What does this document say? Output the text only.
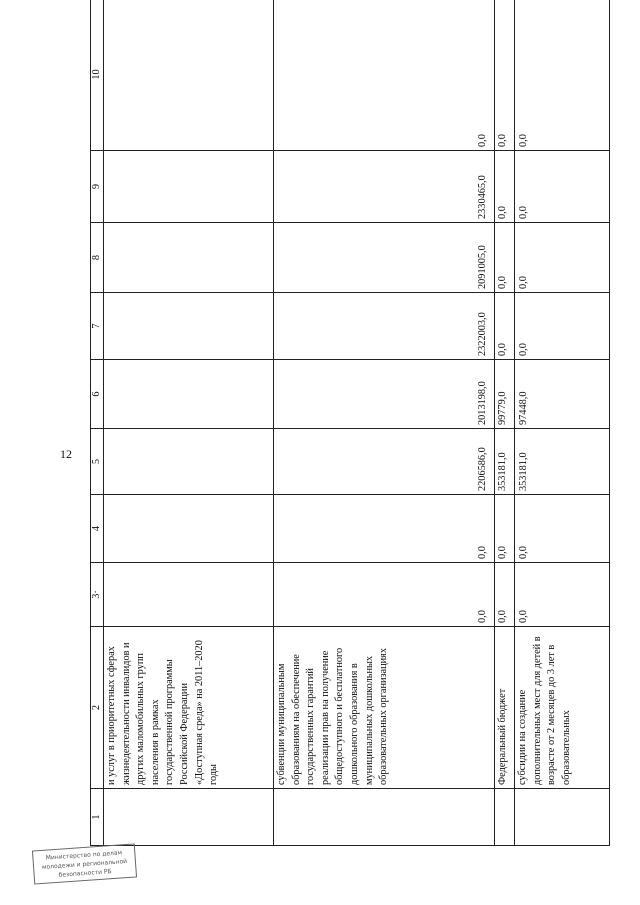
12
1	2	3·	4	5	6	7	8	9	10
	и услуг в приоритетных сферах жизнедеятельности инвалидов и других маломобильных групп населения в рамках государственной программы Российской Федерации «Доступная среда» на 2011–2020 годы								
	субвенции муниципальным образованиям на обеспечение государственных гарантий реализации прав на получение общедоступного и бесплатного дошкольного образования в муниципальных дошкольных образовательных организациях	0,0	0,0	2206586,0	2013198,0	2322003,0	2091005,0	2330465,0	0,0
	Федеральный бюджет	0,0	0,0	353181,0	99779,0	0,0	0,0	0,0	0,0
	субсидии на создание дополнительных мест для детей в возрасте от 2 месяцев до 3 лет в образовательных	0,0	0,0	353181,0	97448,0	0,0	0,0	0,0	0,0
Министерство по делам
молодежи и региональной
безопасности РБ
